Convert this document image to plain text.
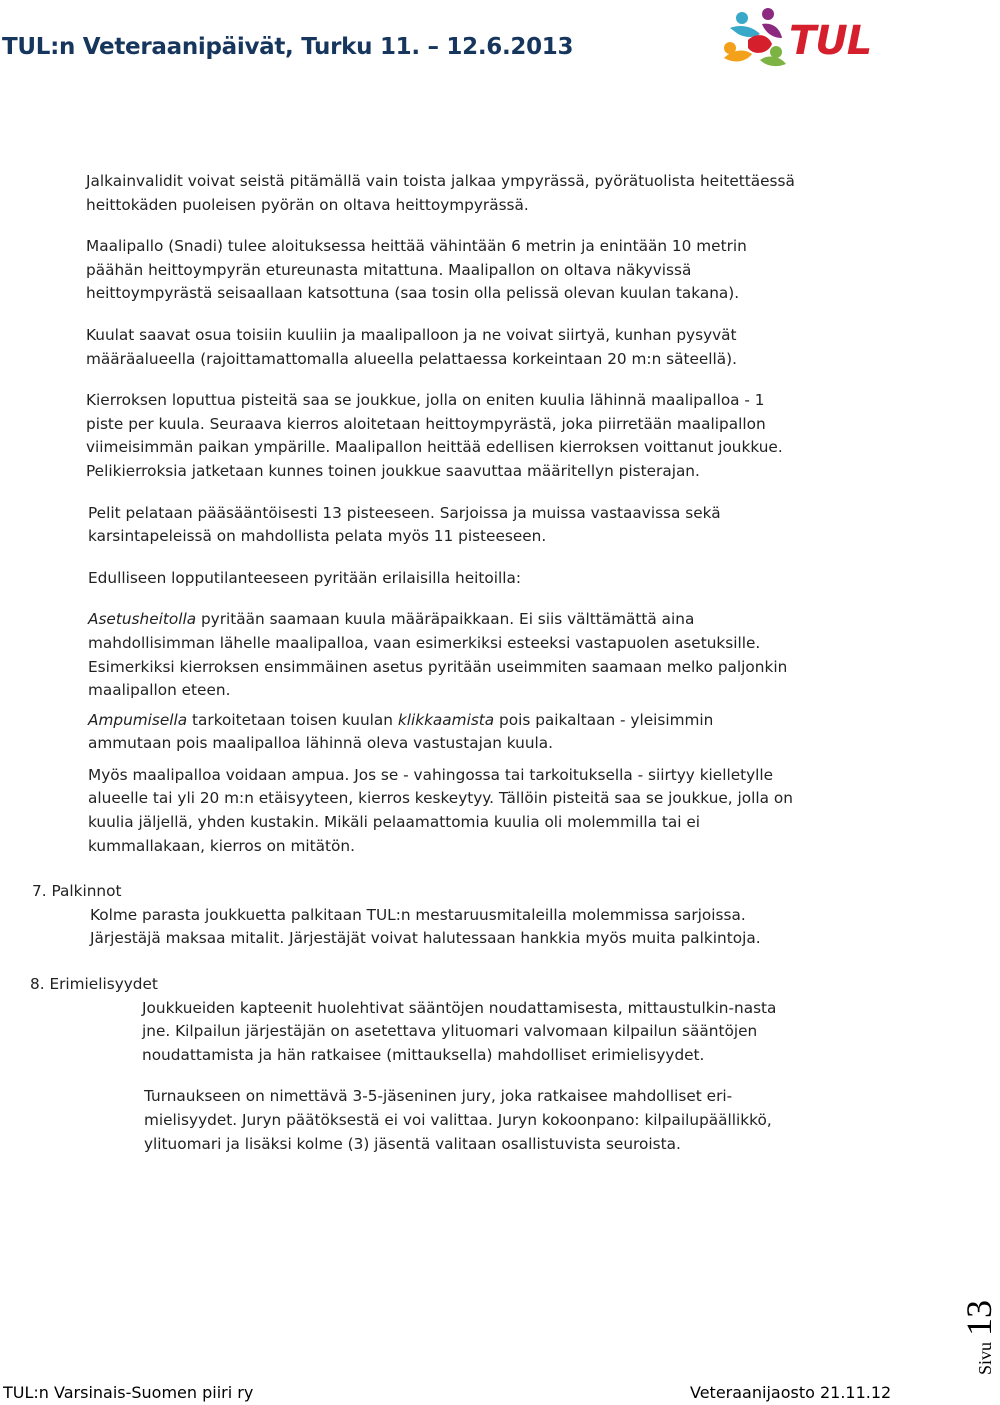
TUL:n Veteraanipäivät, Turku 11. – 12.6.2013	TUL
Jalkainvalidit voivat seistä pitämällä vain toista jalkaa ympyrässä, pyörätuolista heitettäessä
heittokäden puoleisen pyörän on oltava heittoympyrässä.
Maalipallo (Snadi) tulee aloituksessa heittää vähintään 6 metrin ja enintään 10 metrin
päähän heittoympyrän etureunasta mitattuna. Maalipallon on oltava näkyvissä
heittoympyrästä seisaallaan katsottuna (saa tosin olla pelissä olevan kuulan takana).
Kuulat saavat osua toisiin kuuliin ja maalipalloon ja ne voivat siirtyä, kunhan pysyvät
määräalueella (rajoittamattomalla alueella pelattaessa korkeintaan 20 m:n säteellä).
Kierroksen loputtua pisteitä saa se joukkue, jolla on eniten kuulia lähinnä maalipalloa - 1
piste per kuula. Seuraava kierros aloitetaan heittoympyrästä, joka piirretään maalipallon
viimeisimmän paikan ympärille. Maalipallon heittää edellisen kierroksen voittanut joukkue.
Pelikierroksia jatketaan kunnes toinen joukkue saavuttaa määritellyn pisterajan.
Pelit pelataan pääsääntöisesti 13 pisteeseen. Sarjoissa ja muissa vastaavissa sekä
karsintapeleissä on mahdollista pelata myös 11 pisteeseen.
Edulliseen lopputilanteeseen pyritään erilaisilla heitoilla:
Asetusheitolla pyritään saamaan kuula määräpaikkaan. Ei siis välttämättä aina
mahdollisimman lähelle maalipalloa, vaan esimerkiksi esteeksi vastapuolen asetuksille.
Esimerkiksi kierroksen ensimmäinen asetus pyritään useimmiten saamaan melko paljonkin
maalipallon eteen.
Ampumisella tarkoitetaan toisen kuulan klikkaamista pois paikaltaan - yleisimmin
ammutaan pois maalipalloa lähinnä oleva vastustajan kuula.
Myös maalipalloa voidaan ampua. Jos se - vahingossa tai tarkoituksella - siirtyy kielletylle
alueelle tai yli 20 m:n etäisyyteen, kierros keskeytyy. Tällöin pisteitä saa se joukkue, jolla on
kuulia jäljellä, yhden kustakin. Mikäli pelaamattomia kuulia oli molemmilla tai ei
kummallakaan, kierros on mitätön.
7. Palkinnot
Kolme parasta joukkuetta palkitaan TUL:n mestaruusmitaleilla molemmissa sarjoissa.
Järjestäjä maksaa mitalit. Järjestäjät voivat halutessaan hankkia myös muita palkintoja.
8. Erimielisyydet
Joukkueiden kapteenit huolehtivat sääntöjen noudattamisesta, mittaustulkin-nasta
jne. Kilpailun järjestäjän on asetettava ylituomari valvomaan kilpailun sääntöjen
noudattamista ja hän ratkaisee (mittauksella) mahdolliset erimielisyydet.
Turnaukseen on nimettävä 3-5-jäseninen jury, joka ratkaisee mahdolliset eri-
mielisyydet. Juryn päätöksestä ei voi valittaa. Juryn kokoonpano: kilpailupäällikkö,
ylituomari ja lisäksi kolme (3) jäsentä valitaan osallistuvista seuroista.
Sivu 13
TUL:n Varsinais-Suomen piiri ry	Veteraanijaosto 21.11.12
